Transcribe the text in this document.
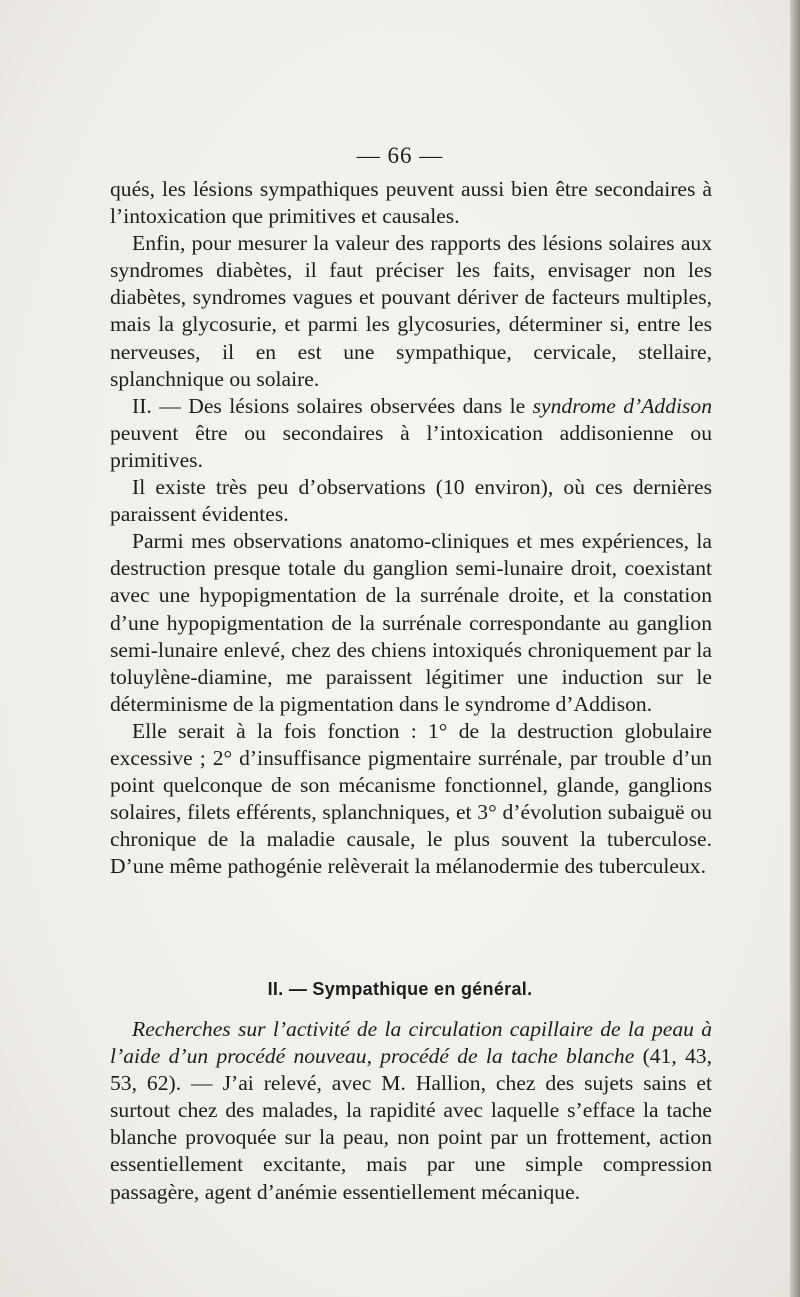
— 66 —

qués, les lésions sympathiques peuvent aussi bien être secondaires à l’intoxication que primitives et causales.

Enfin, pour mesurer la valeur des rapports des lésions solaires aux syndromes diabètes, il faut préciser les faits, envisager non les diabètes, syndromes vagues et pouvant dériver de facteurs multiples, mais la glycosurie, et parmi les glycosuries, déterminer si, entre les nerveuses, il en est une sympathique, cervicale, stellaire, splanchnique ou solaire.

II. — Des lésions solaires observées dans le syndrome d’Addison peuvent être ou secondaires à l’intoxication addisonienne ou primitives.

Il existe très peu d’observations (10 environ), où ces dernières paraissent évidentes.

Parmi mes observations anatomo-cliniques et mes expériences, la destruction presque totale du ganglion semi-lunaire droit, coexistant avec une hypopigmentation de la surrénale droite, et la constation d’une hypopigmentation de la surrénale correspondante au ganglion semi-lunaire enlevé, chez des chiens intoxiqués chroniquement par la toluylène-diamine, me paraissent légitimer une induction sur le déterminisme de la pigmentation dans le syndrome d’Addison.

Elle serait à la fois fonction : 1° de la destruction globulaire excessive ; 2° d’insuffisance pigmentaire surrénale, par trouble d’un point quelconque de son mécanisme fonctionnel, glande, ganglions solaires, filets efférents, splanchniques, et 3° d’évolution subaiguë ou chronique de la maladie causale, le plus souvent la tuberculose. D’une même pathogénie relèverait la mélanodermie des tuberculeux.

II. — Sympathique en général.

Recherches sur l’activité de la circulation capillaire de la peau à l’aide d’un procédé nouveau, procédé de la tache blanche (41, 43, 53, 62). — J’ai relevé, avec M. Hallion, chez des sujets sains et surtout chez des malades, la rapidité avec laquelle s’efface la tache blanche provoquée sur la peau, non point par un frottement, action essentiellement excitante, mais par une simple compression passagère, agent d’anémie essentiellement mécanique.
